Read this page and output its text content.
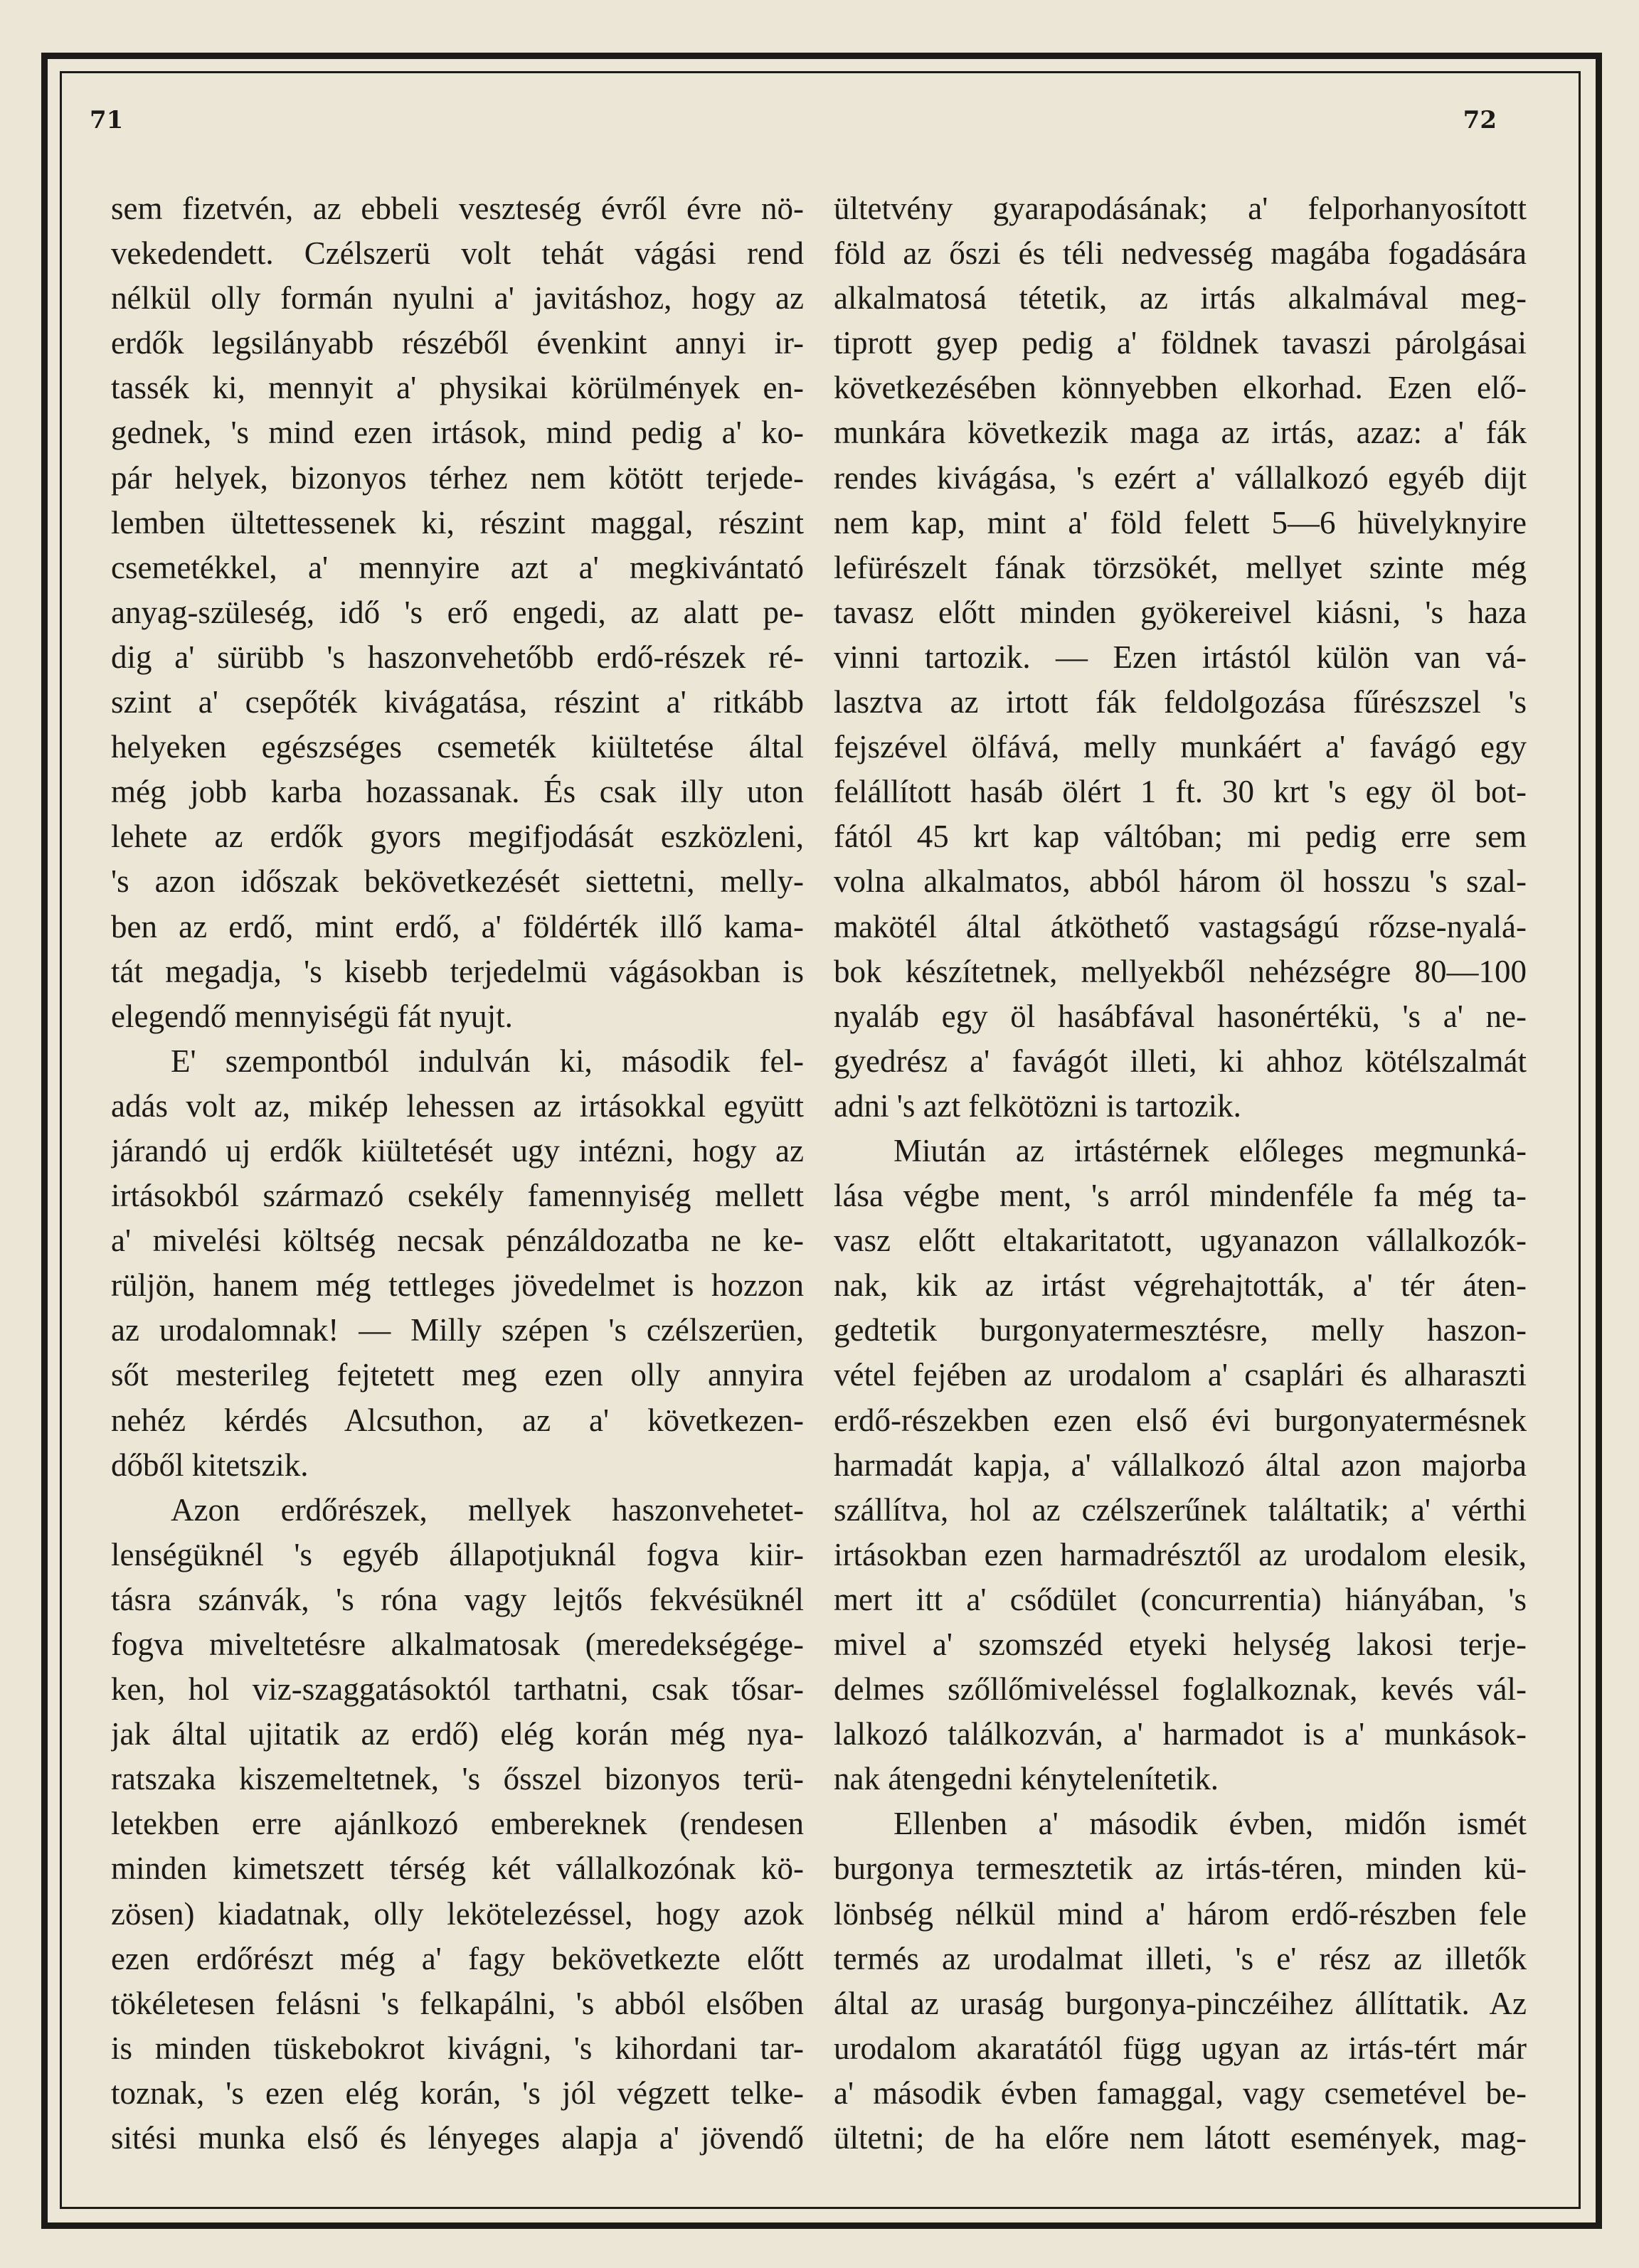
71	72
sem fizetvén, az ebbeli veszteség évről évre nö-
vekedendett. Czélszerü volt tehát vágási rend
nélkül olly formán nyulni a' javitáshoz, hogy az
erdők legsilányabb részéből évenkint annyi ir-
tassék ki, mennyit a' physikai körülmények en-
gednek, 's mind ezen irtások, mind pedig a' ko-
pár helyek, bizonyos térhez nem kötött terjede-
lemben ültettessenek ki, részint maggal, részint
csemetékkel, a' mennyire azt a' megkivántató
anyag-szüleség, idő 's erő engedi, az alatt pe-
dig a' sürübb 's haszonvehetőbb erdő-részek ré-
szint a' csepőték kivágatása, részint a' ritkább
helyeken egészséges csemeték kiültetése által
még jobb karba hozassanak. És csak illy uton
lehete az erdők gyors megifjodását eszközleni,
's azon időszak bekövetkezését siettetni, melly-
ben az erdő, mint erdő, a' földérték illő kama-
tát megadja, 's kisebb terjedelmü vágásokban is
elegendő mennyiségü fát nyujt.
E' szempontból indulván ki, második fel-
adás volt az, mikép lehessen az irtásokkal együtt
járandó uj erdők kiültetését ugy intézni, hogy az
irtásokból származó csekély famennyiség mellett
a' mivelési költség necsak pénzáldozatba ne ke-
rüljön, hanem még tettleges jövedelmet is hozzon
az urodalomnak! — Milly szépen 's czélszerüen,
sőt mesterileg fejtetett meg ezen olly annyira
nehéz kérdés Alcsuthon, az a' következen-
dőből kitetszik.
Azon erdőrészek, mellyek haszonvehetet-
lenségüknél 's egyéb állapotjuknál fogva kiir-
tásra szánvák, 's róna vagy lejtős fekvésüknél
fogva miveltetésre alkalmatosak (meredekségége-
ken, hol viz-szaggatásoktól tarthatni, csak tősar-
jak által ujitatik az erdő) elég korán még nya-
ratszaka kiszemeltetnek, 's ősszel bizonyos terü-
letekben erre ajánlkozó embereknek (rendesen
minden kimetszett térség két vállalkozónak kö-
zösen) kiadatnak, olly lekötelezéssel, hogy azok
ezen erdőrészt még a' fagy bekövetkezte előtt
tökéletesen felásni 's felkapálni, 's abból elsőben
is minden tüskebokrot kivágni, 's kihordani tar-
toznak, 's ezen elég korán, 's jól végzett telke-
sitési munka első és lényeges alapja a' jövendő
ültetvény gyarapodásának; a' felporhanyosított
föld az őszi és téli nedvesség magába fogadására
alkalmatosá tétetik, az irtás alkalmával meg-
tiprott gyep pedig a' földnek tavaszi párolgásai
következésében könnyebben elkorhad. Ezen elő-
munkára következik maga az irtás, azaz: a' fák
rendes kivágása, 's ezért a' vállalkozó egyéb dijt
nem kap, mint a' föld felett 5—6 hüvelyknyire
lefürészelt fának törzsökét, mellyet szinte még
tavasz előtt minden gyökereivel kiásni, 's haza
vinni tartozik. — Ezen irtástól külön van vá-
lasztva az irtott fák feldolgozása fűrészszel 's
fejszével ölfává, melly munkáért a' favágó egy
felállított hasáb ölért 1 ft. 30 krt 's egy öl bot-
fától 45 krt kap váltóban; mi pedig erre sem
volna alkalmatos, abból három öl hosszu 's szal-
makötél által átköthető vastagságú rőzse-nyalá-
bok készítetnek, mellyekből nehézségre 80—100
nyaláb egy öl hasábfával hasonértékü, 's a' ne-
gyedrész a' favágót illeti, ki ahhoz kötélszalmát
adni 's azt felkötözni is tartozik.
Miután az irtástérnek előleges megmunká-
lása végbe ment, 's arról mindenféle fa még ta-
vasz előtt eltakaritatott, ugyanazon vállalkozók-
nak, kik az irtást végrehajtották, a' tér áten-
gedtetik burgonyatermesztésre, melly haszon-
vétel fejében az urodalom a' csaplári és alharaszti
erdő-részekben ezen első évi burgonyatermésnek
harmadát kapja, a' vállalkozó által azon majorba
szállítva, hol az czélszerűnek találtatik; a' vérthi
irtásokban ezen harmadrésztől az urodalom elesik,
mert itt a' csődület (concurrentia) hiányában, 's
mivel a' szomszéd etyeki helység lakosi terje-
delmes szőllőmiveléssel foglalkoznak, kevés vál-
lalkozó találkozván, a' harmadot is a' munkások-
nak átengedni kénytelenítetik.
Ellenben a' második évben, midőn ismét
burgonya termesztetik az irtás-téren, minden kü-
lönbség nélkül mind a' három erdő-részben fele
termés az urodalmat illeti, 's e' rész az illetők
által az uraság burgonya-pinczéihez állíttatik. Az
urodalom akaratától függ ugyan az irtás-tért már
a' második évben famaggal, vagy csemetével be-
ültetni; de ha előre nem látott események, mag-
